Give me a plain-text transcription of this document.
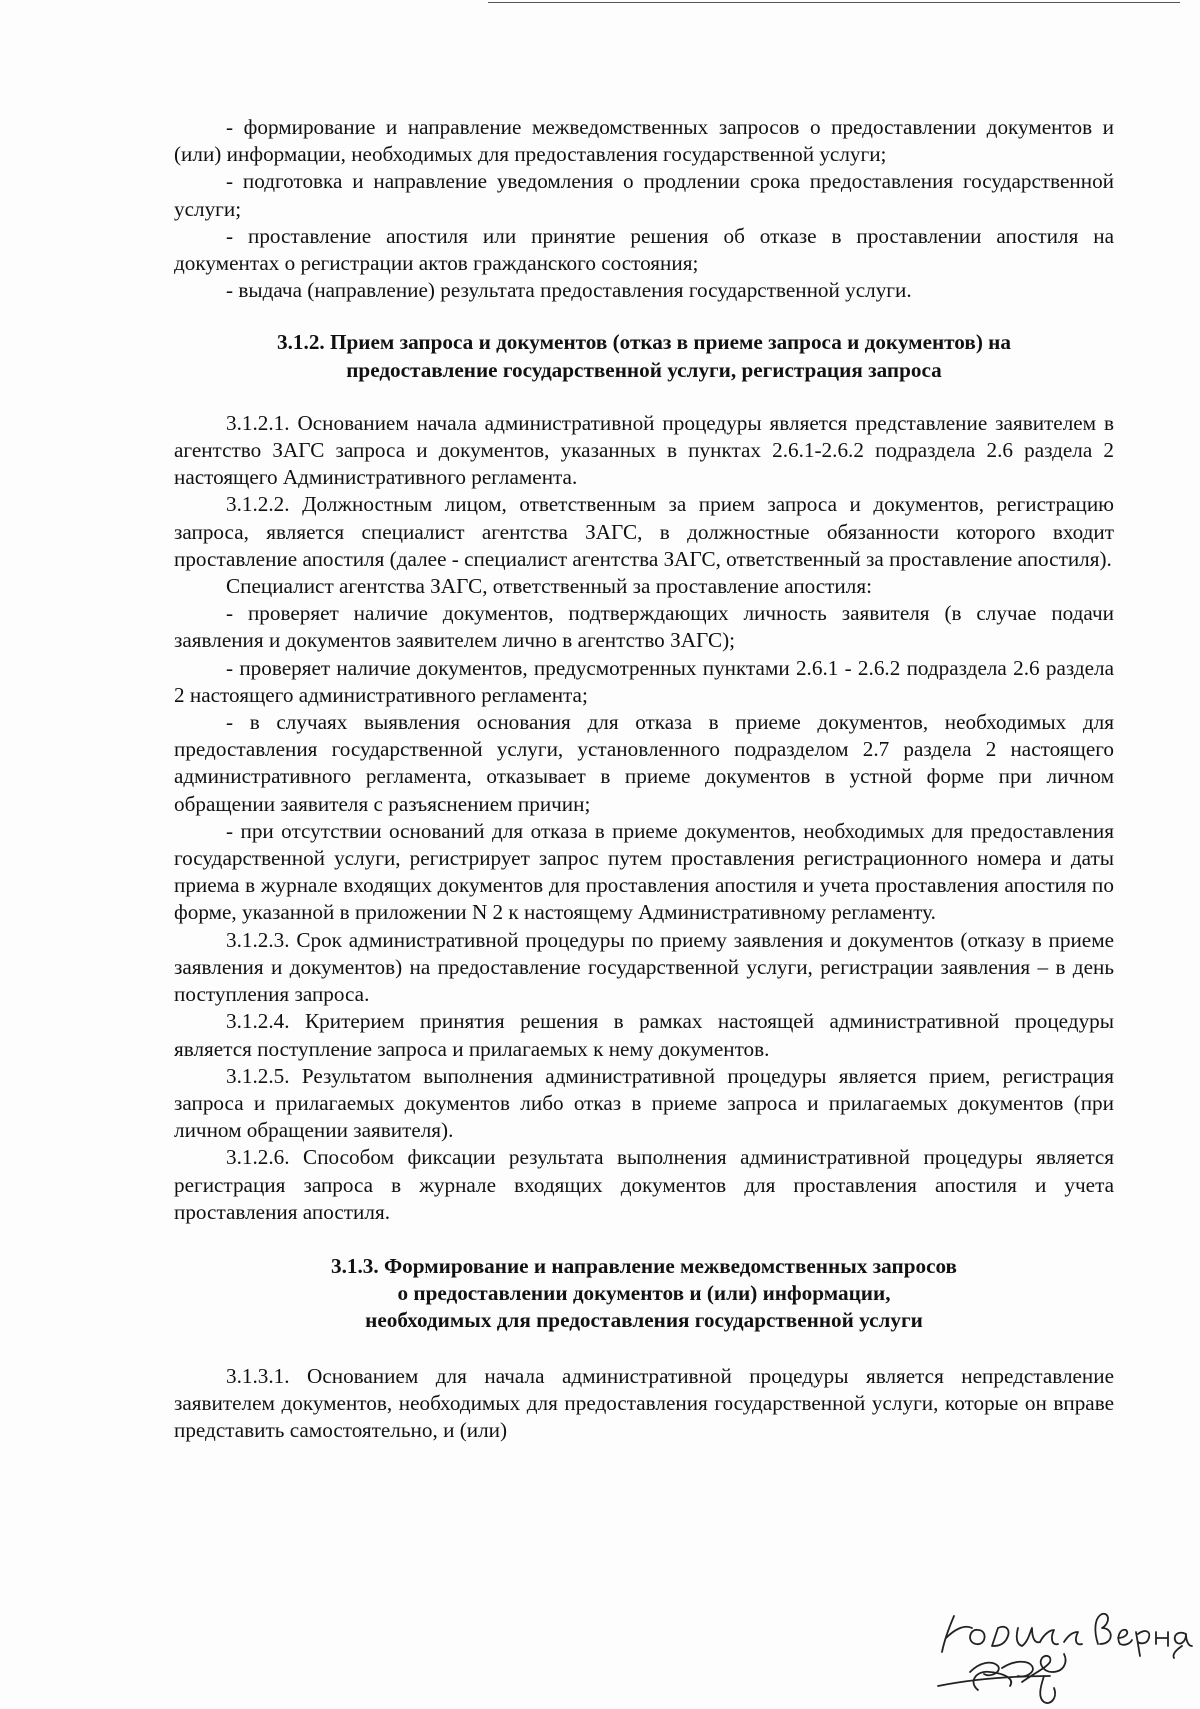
- формирование и направление межведомственных запросов о предоставлении документов и (или) информации, необходимых для предоставления государственной услуги;

- подготовка и направление уведомления о продлении срока предоставления государственной услуги;

- проставление апостиля или принятие решения об отказе в проставлении апостиля на документах о регистрации актов гражданского состояния;

- выдача (направление) результата предоставления государственной услуги.

3.1.2. Прием запроса и документов (отказ в приеме запроса и документов) на
предоставление государственной услуги, регистрация запроса

3.1.2.1. Основанием начала административной процедуры является представление заявителем в агентство ЗАГС запроса и документов, указанных в пунктах 2.6.1-2.6.2 подраздела 2.6 раздела 2 настоящего Административного регламента.

3.1.2.2. Должностным лицом, ответственным за прием запроса и документов, регистрацию запроса, является специалист агентства ЗАГС, в должностные обязанности которого входит проставление апостиля (далее - специалист агентства ЗАГС, ответственный за проставление апостиля).

Специалист агентства ЗАГС, ответственный за проставление апостиля:

- проверяет наличие документов, подтверждающих личность заявителя (в случае подачи заявления и документов заявителем лично в агентство ЗАГС);

- проверяет наличие документов, предусмотренных пунктами 2.6.1 - 2.6.2 подраздела 2.6 раздела 2 настоящего административного регламента;

- в случаях выявления основания для отказа в приеме документов, необходимых для предоставления государственной услуги, установленного подразделом 2.7 раздела 2 настоящего административного регламента, отказывает в приеме документов в устной форме при личном обращении заявителя с разъяснением причин;

- при отсутствии оснований для отказа в приеме документов, необходимых для предоставления государственной услуги, регистрирует запрос путем проставления регистрационного номера и даты приема в журнале входящих документов для проставления апостиля и учета проставления апостиля по форме, указанной в приложении N 2 к настоящему Административному регламенту.

3.1.2.3. Срок административной процедуры по приему заявления и документов (отказу в приеме заявления и документов) на предоставление государственной услуги, регистрации заявления – в день поступления запроса.

3.1.2.4. Критерием принятия решения в рамках настоящей административной процедуры является поступление запроса и прилагаемых к нему документов.

3.1.2.5. Результатом выполнения административной процедуры является прием, регистрация запроса и прилагаемых документов либо отказ в приеме запроса и прилагаемых документов (при личном обращении заявителя).

3.1.2.6. Способом фиксации результата выполнения административной процедуры является регистрация запроса в журнале входящих документов для проставления апостиля и учета проставления апостиля.

3.1.3. Формирование и направление межведомственных запросов
о предоставлении документов и (или) информации,
необходимых для предоставления государственной услуги

3.1.3.1. Основанием для начала административной процедуры является непредставление заявителем документов, необходимых для предоставления государственной услуги, которые он вправе представить самостоятельно, и (или)
